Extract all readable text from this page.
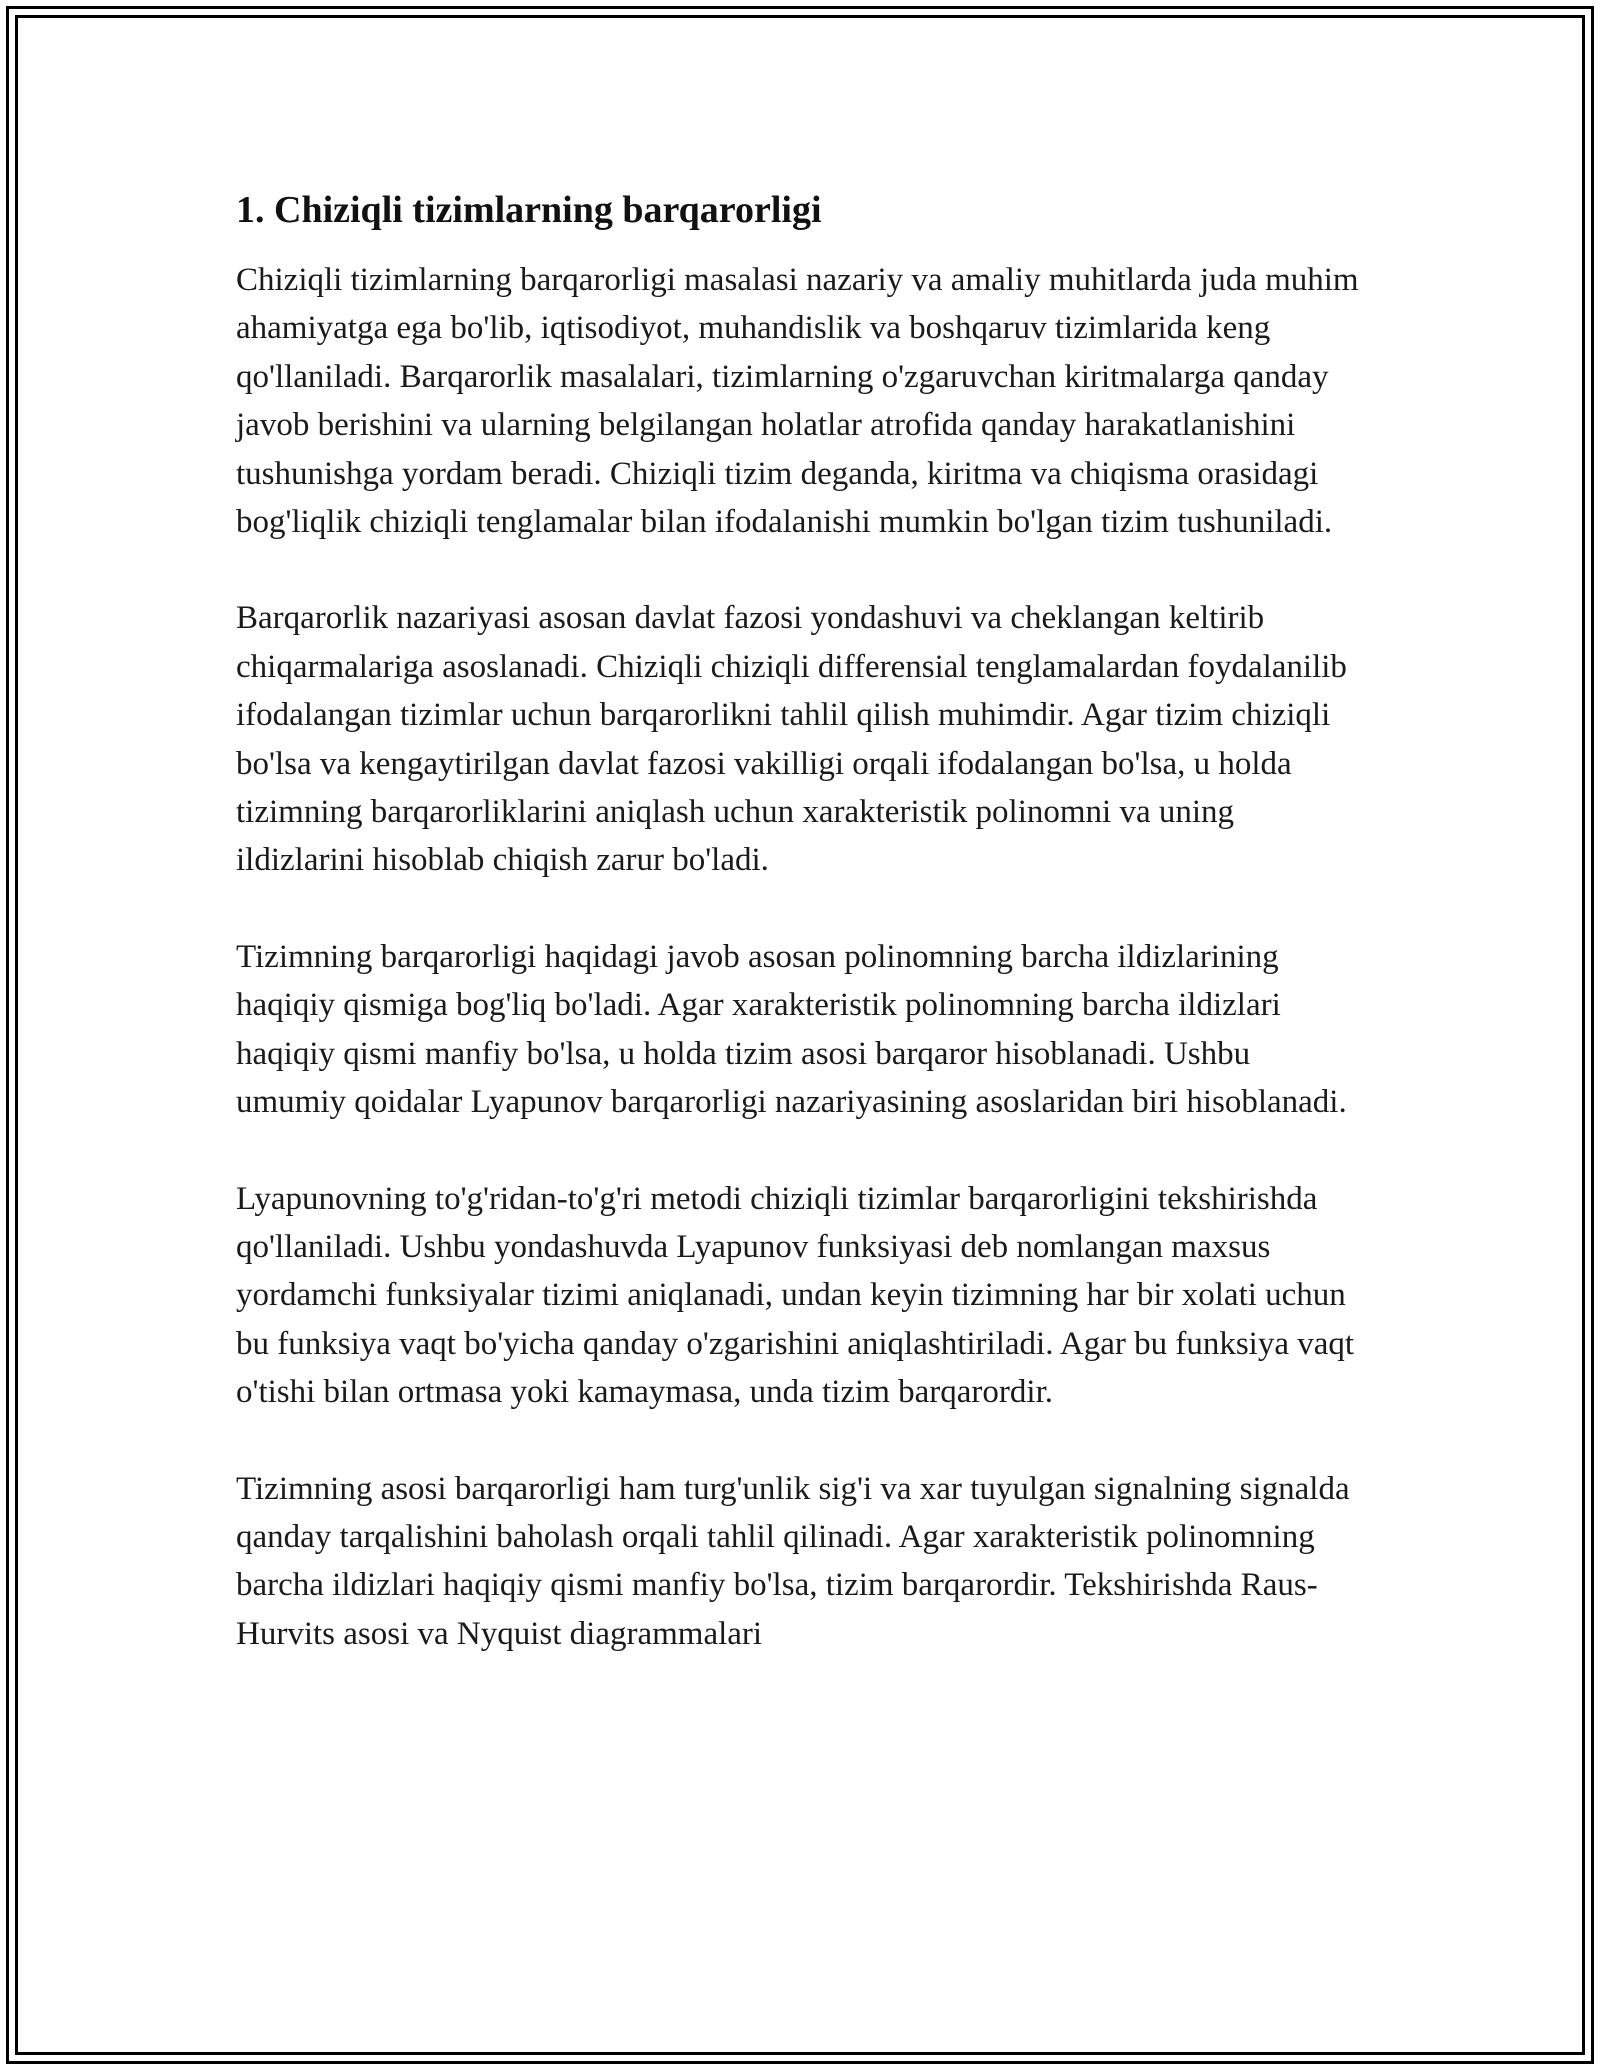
1. Chiziqli tizimlarning barqarorligi

Chiziqli tizimlarning barqarorligi masalasi nazariy va amaliy muhitlarda juda muhim ahamiyatga ega bo'lib, iqtisodiyot, muhandislik va boshqaruv tizimlarida keng qo'llaniladi. Barqarorlik masalalari, tizimlarning o'zgaruvchan kiritmalarga qanday javob berishini va ularning belgilangan holatlar atrofida qanday harakatlanishini tushunishga yordam beradi. Chiziqli tizim deganda, kiritma va chiqisma orasidagi bog'liqlik chiziqli tenglamalar bilan ifodalanishi mumkin bo'lgan tizim tushuniladi.

Barqarorlik nazariyasi asosan davlat fazosi yondashuvi va cheklangan keltirib chiqarmalariga asoslanadi. Chiziqli chiziqli differensial tenglamalardan foydalanilib ifodalangan tizimlar uchun barqarorlikni tahlil qilish muhimdir. Agar tizim chiziqli bo'lsa va kengaytirilgan davlat fazosi vakilligi orqali ifodalangan bo'lsa, u holda tizimning barqarorliklarini aniqlash uchun xarakteristik polinomni va uning ildizlarini hisoblab chiqish zarur bo'ladi.

Tizimning barqarorligi haqidagi javob asosan polinomning barcha ildizlarining haqiqiy qismiga bog'liq bo'ladi. Agar xarakteristik polinomning barcha ildizlari haqiqiy qismi manfiy bo'lsa, u holda tizim asosi barqaror hisoblanadi. Ushbu umumiy qoidalar Lyapunov barqarorligi nazariyasining asoslaridan biri hisoblanadi.

Lyapunovning to'g'ridan-to'g'ri metodi chiziqli tizimlar barqarorligini tekshirishda qo'llaniladi. Ushbu yondashuvda Lyapunov funksiyasi deb nomlangan maxsus yordamchi funksiyalar tizimi aniqlanadi, undan keyin tizimning har bir xolati uchun bu funksiya vaqt bo'yicha qanday o'zgarishini aniqlashtiriladi. Agar bu funksiya vaqt o'tishi bilan ortmasa yoki kamaymasa, unda tizim barqarordir.

Tizimning asosi barqarorligi ham turg'unlik sig'i va xar tuyulgan signalning signalda qanday tarqalishini baholash orqali tahlil qilinadi. Agar xarakteristik polinomning barcha ildizlari haqiqiy qismi manfiy bo'lsa, tizim barqarordir. Tekshirishda Raus-Hurvits asosi va Nyquist diagrammalari
